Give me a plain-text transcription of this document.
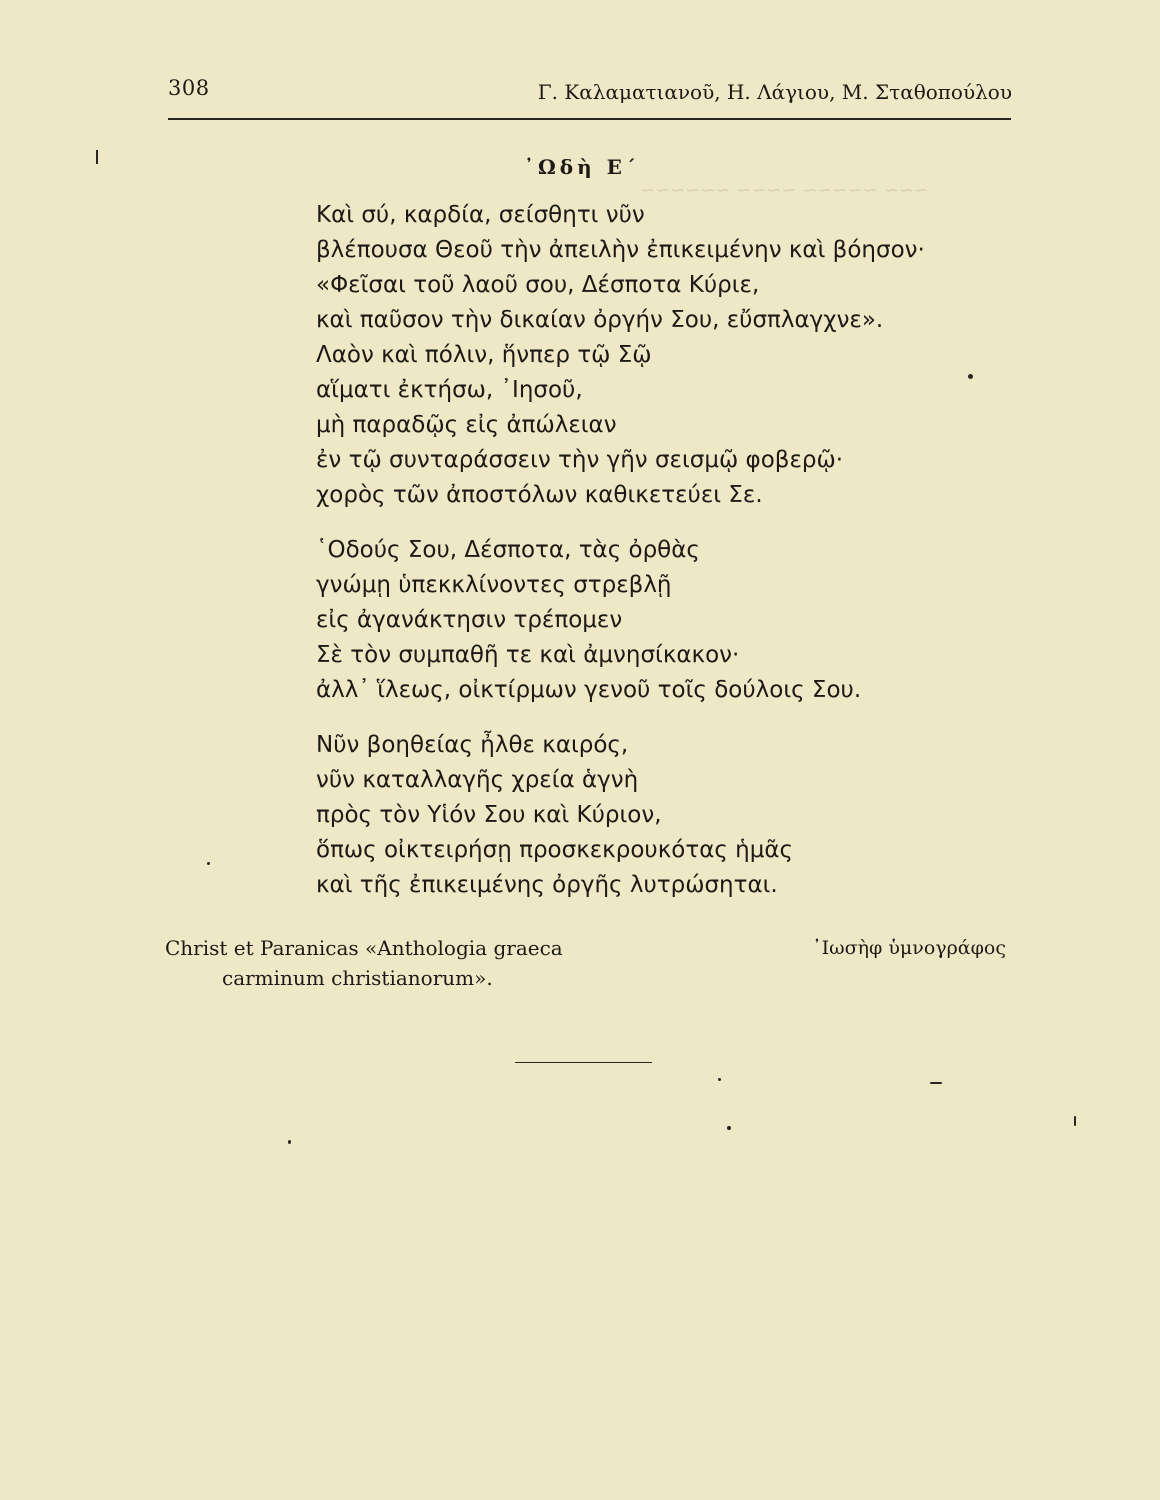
~~~ ~~~~~ ~~~~ ~~~~~~
308	Γ. Καλαματιανοῦ, Η. Λάγιου, Μ. Σταθοπούλου
᾿Ωδὴ Ε΄
Καὶ σύ, καρδία, σείσθητι νῦν
βλέπουσα Θεοῦ τὴν ἀπειλὴν ἐπικειμένην καὶ βόησον·
«Φεῖσαι τοῦ λαοῦ σου, Δέσποτα Κύριε,
καὶ παῦσον τὴν δικαίαν ὀργήν Σου, εὔσπλαγχνε».
Λαὸν καὶ πόλιν, ἥνπερ τῷ Σῷ
αἵματι ἐκτήσω, ᾿Ιησοῦ,
μὴ παραδῷς εἰς ἀπώλειαν
ἐν τῷ συνταράσσειν τὴν γῆν σεισμῷ φοβερῷ·
χορὸς τῶν ἀποστόλων καθικετεύει Σε.
῾Οδούς Σου, Δέσποτα, τὰς ὀρθὰς
γνώμῃ ὑπεκκλίνοντες στρεβλῇ
εἰς ἀγανάκτησιν τρέπομεν
Σὲ τὸν συμπαθῆ τε καὶ ἀμνησίκακον·
ἀλλ᾿ ἵλεως, οἰκτίρμων γενοῦ τοῖς δούλοις Σου.
Νῦν βοηθείας ἦλθε καιρός,
νῦν καταλλαγῆς χρεία ἁγνὴ
πρὸς τὸν Υἱόν Σου καὶ Κύριον,
ὅπως οἰκτειρήσῃ προσκεκρουκότας ἡμᾶς
καὶ τῆς ἐπικειμένης ὀργῆς λυτρώσηται.
Christ et Paranicas «Anthologia graeca
carminum christianorum».
᾿Ιωσὴφ ὑμνογράφος
